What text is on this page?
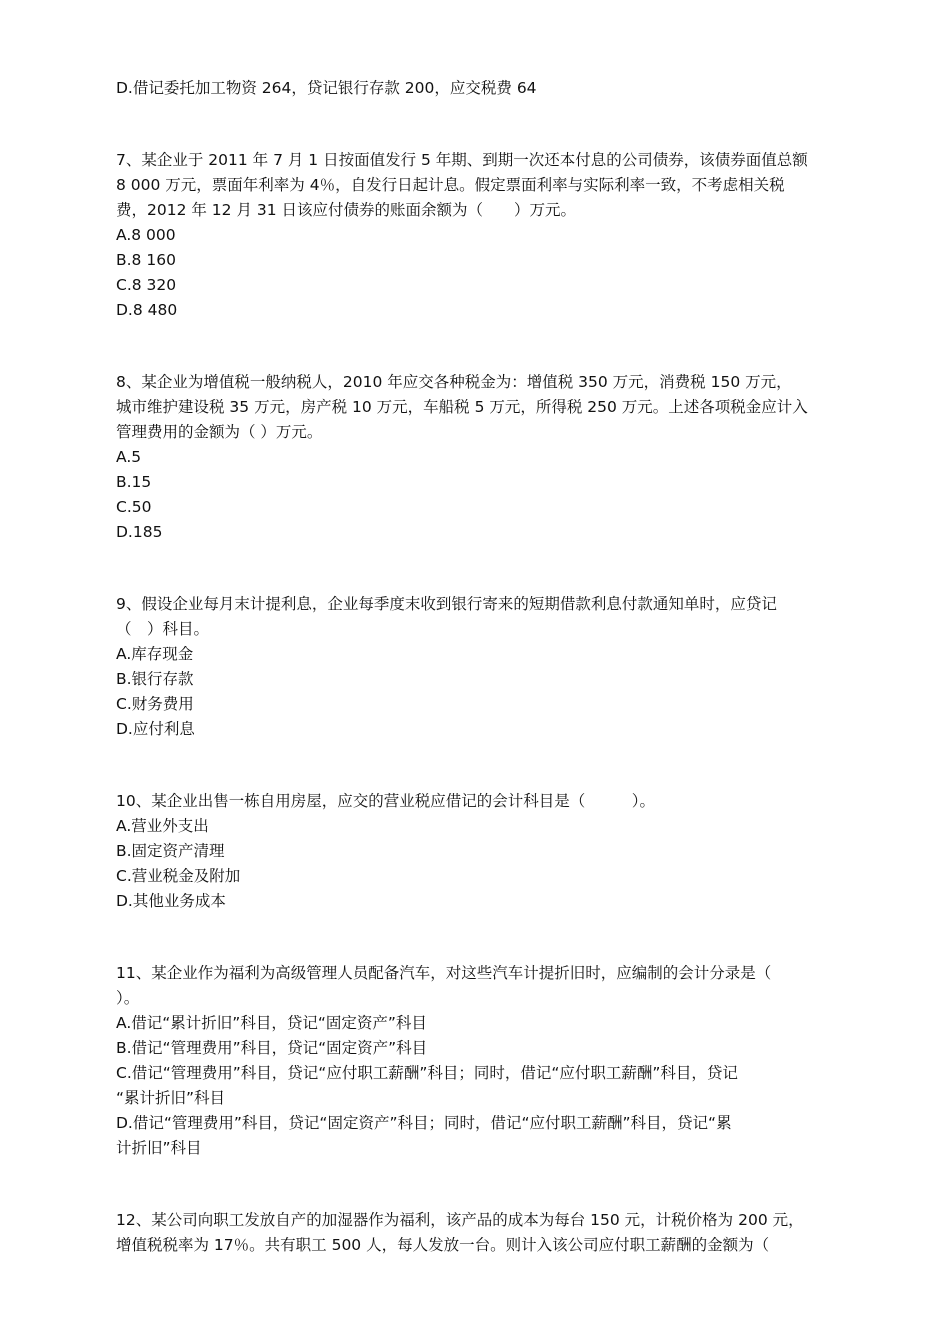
D.借记委托加工物资 264，贷记银行存款 200，应交税费 64
7、某企业于 2011 年 7 月 1 日按面值发行 5 年期、到期一次还本付息的公司债券，该债券面值总额
8 000 万元，票面年利率为 4％，自发行日起计息。假定票面利率与实际利率一致，不考虑相关税
费，2012 年 12 月 31 日该应付债券的账面余额为（　　）万元。
A.8 000
B.8 160
C.8 320
D.8 480
8、某企业为增值税一般纳税人，2010 年应交各种税金为：增值税 350 万元，消费税 150 万元，
城市维护建设税 35 万元，房产税 10 万元，车船税 5 万元，所得税 250 万元。上述各项税金应计入
管理费用的金额为（ ）万元。
A.5
B.15
C.50
D.185
9、假设企业每月末计提利息，企业每季度末收到银行寄来的短期借款利息付款通知单时，应贷记
（　）科目。
A.库存现金
B.银行存款
C.财务费用
D.应付利息
10、某企业出售一栋自用房屋，应交的营业税应借记的会计科目是（　　　）。
A.营业外支出
B.固定资产清理
C.营业税金及附加
D.其他业务成本
11、某企业作为福利为高级管理人员配备汽车，对这些汽车计提折旧时，应编制的会计分录是（
）。
A.借记“累计折旧”科目，贷记“固定资产”科目
B.借记“管理费用”科目，贷记“固定资产”科目
C.借记“管理费用”科目，贷记“应付职工薪酬”科目；同时，借记“应付职工薪酬”科目，贷记
“累计折旧”科目
D.借记“管理费用”科目，贷记“固定资产”科目；同时，借记“应付职工薪酬”科目，贷记“累
计折旧”科目
12、某公司向职工发放自产的加湿器作为福利，该产品的成本为每台 150 元，计税价格为 200 元，
增值税税率为 17％。共有职工 500 人，每人发放一台。则计入该公司应付职工薪酬的金额为（
